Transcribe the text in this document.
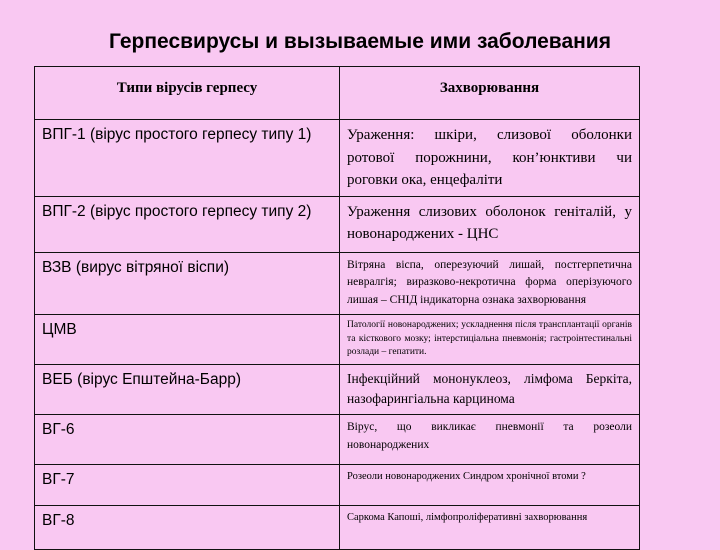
Герпесвирусы и вызываемые ими заболевания
Типи вірусів герпесу	Захворювання
ВПГ-1 (вірус простого герпесу типу 1)	Ураження: шкіри, слизової оболонки ротової порожнини, кон’юнктиви чи роговки ока, енцефаліти
ВПГ-2 (вірус простого герпесу типу 2)	Ураження слизових оболонок геніталій, у новонароджених - ЦНС
ВЗВ (вирус вітряної віспи)	Вітряна віспа, оперезуючий лишай, постгерпетична невралгія; виразково-некротична форма оперізуючого лишая – СНІД індикаторна ознака захворювання
ЦМВ	Патології новонароджених; ускладнення після трансплантації органів та кісткового мозку; інтерстиціальна пневмонія; гастроінтестинальні розлади – гепатити.
ВЕБ (вірус Епштейна-Барр)	Інфекційний мононуклеоз, лімфома Беркіта, назофарингіальна карцинома
ВГ-6	Вірус, що викликає пневмонії та розеоли новонароджених
ВГ-7	Розеоли новонароджених Синдром хронічної втоми ?
ВГ-8	Саркома Капоші, лімфопроліферативні захворювання
